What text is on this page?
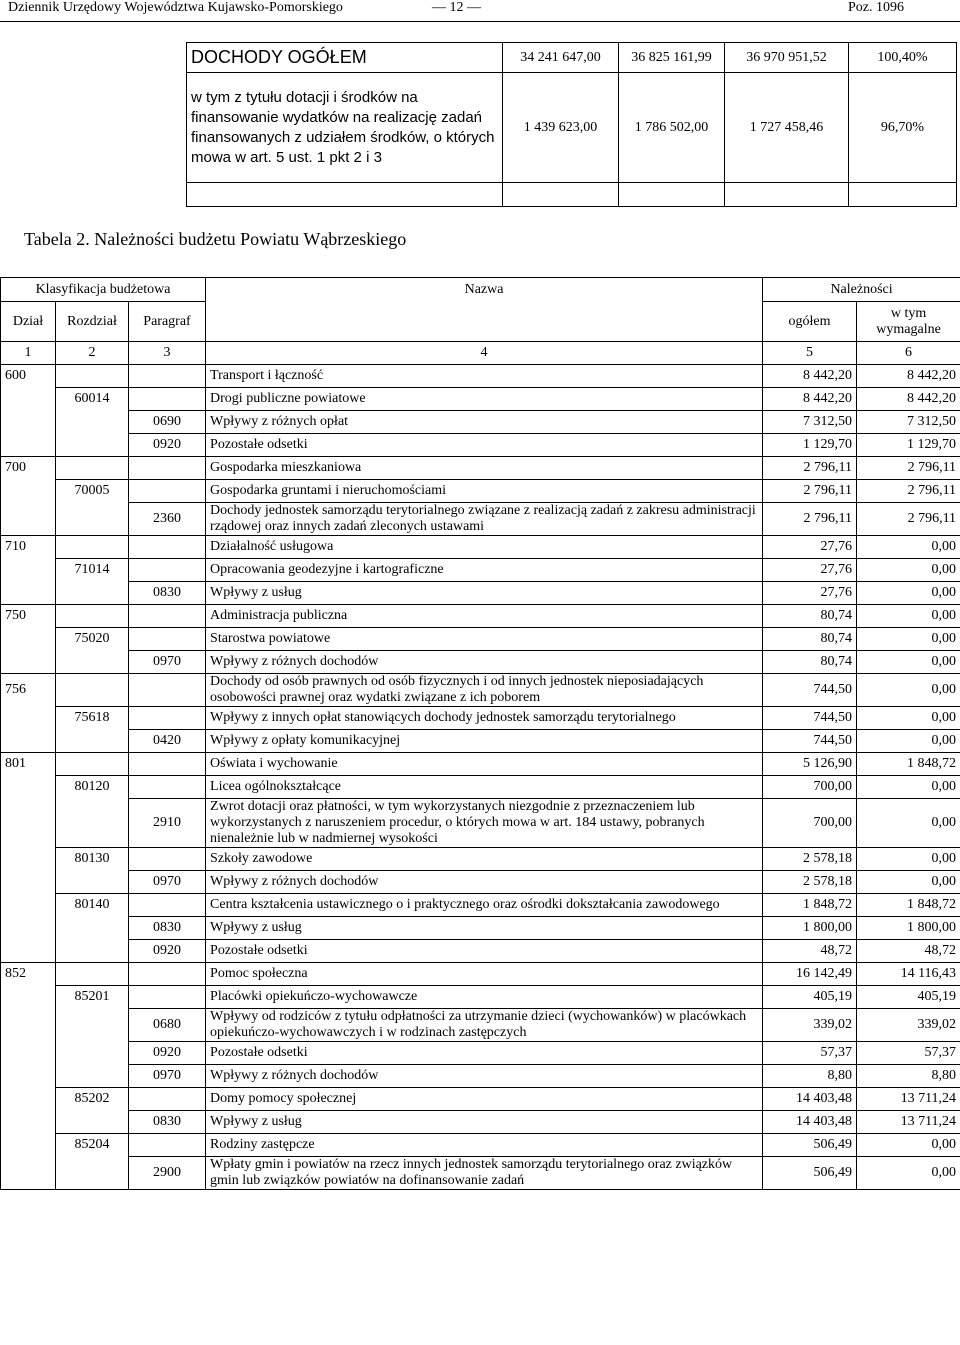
Dziennik Urzędowy Województwa Kujawsko-Pomorskiego	— 12 —	Poz. 1096
DOCHODY OGÓŁEM	34 241 647,00	36 825 161,99	36 970 951,52	100,40%
w tym z tytułu dotacji i środków na finansowanie wydatków na realizację zadań finansowanych z udziałem środków, o których mowa w art. 5 ust. 1 pkt 2 i 3	1 439 623,00	1 786 502,00	1 727 458,46	96,70%

Tabela 2. Należności budżetu Powiatu Wąbrzeskiego
Klasyfikacja budżetowa			Nazwa	Należności	
Dział	Rozdział	Paragraf		ogółem	w tym wymagalne
1	2	3	4	5	6
600			Transport i łączność	8 442,20	8 442,20
	60014		Drogi publiczne powiatowe	8 442,20	8 442,20
		0690	Wpływy z różnych opłat	7 312,50	7 312,50
		0920	Pozostałe odsetki	1 129,70	1 129,70
700			Gospodarka mieszkaniowa	2 796,11	2 796,11
	70005		Gospodarka gruntami i nieruchomościami	2 796,11	2 796,11
		2360	Dochody jednostek samorządu terytorialnego związane z realizacją zadań z zakresu administracji rządowej oraz innych zadań zleconych ustawami	2 796,11	2 796,11
710			Działalność usługowa	27,76	0,00
	71014		Opracowania geodezyjne i kartograficzne	27,76	0,00
		0830	Wpływy z usług	27,76	0,00
750			Administracja publiczna	80,74	0,00
	75020		Starostwa powiatowe	80,74	0,00
		0970	Wpływy z różnych dochodów	80,74	0,00
756			Dochody od osób prawnych od osób fizycznych i od innych jednostek nieposiadających osobowości prawnej oraz wydatki związane z ich poborem	744,50	0,00
	75618		Wpływy z innych opłat stanowiących dochody jednostek samorządu terytorialnego	744,50	0,00
		0420	Wpływy z opłaty komunikacyjnej	744,50	0,00
801			Oświata i wychowanie	5 126,90	1 848,72
	80120		Licea ogólnokształcące	700,00	0,00
		2910	Zwrot dotacji oraz płatności, w tym wykorzystanych niezgodnie z przeznaczeniem lub wykorzystanych z naruszeniem procedur, o których mowa w art. 184 ustawy, pobranych nienależnie lub w nadmiernej wysokości	700,00	0,00
	80130		Szkoły zawodowe	2 578,18	0,00
		0970	Wpływy z różnych dochodów	2 578,18	0,00
	80140		Centra kształcenia ustawicznego o i praktycznego oraz ośrodki dokształcania zawodowego	1 848,72	1 848,72
		0830	Wpływy z usług	1 800,00	1 800,00
		0920	Pozostałe odsetki	48,72	48,72
852			Pomoc społeczna	16 142,49	14 116,43
	85201		Placówki opiekuńczo-wychowawcze	405,19	405,19
		0680	Wpływy od rodziców z tytułu odpłatności za utrzymanie dzieci (wychowanków) w placówkach opiekuńczo-wychowawczych i w rodzinach zastępczych	339,02	339,02
		0920	Pozostałe odsetki	57,37	57,37
		0970	Wpływy z różnych dochodów	8,80	8,80
	85202		Domy pomocy społecznej	14 403,48	13 711,24
		0830	Wpływy z usług	14 403,48	13 711,24
	85204		Rodziny zastępcze	506,49	0,00
		2900	Wpłaty gmin i powiatów na rzecz innych jednostek samorządu terytorialnego oraz związków gmin lub związków powiatów na dofinansowanie zadań	506,49	0,00
